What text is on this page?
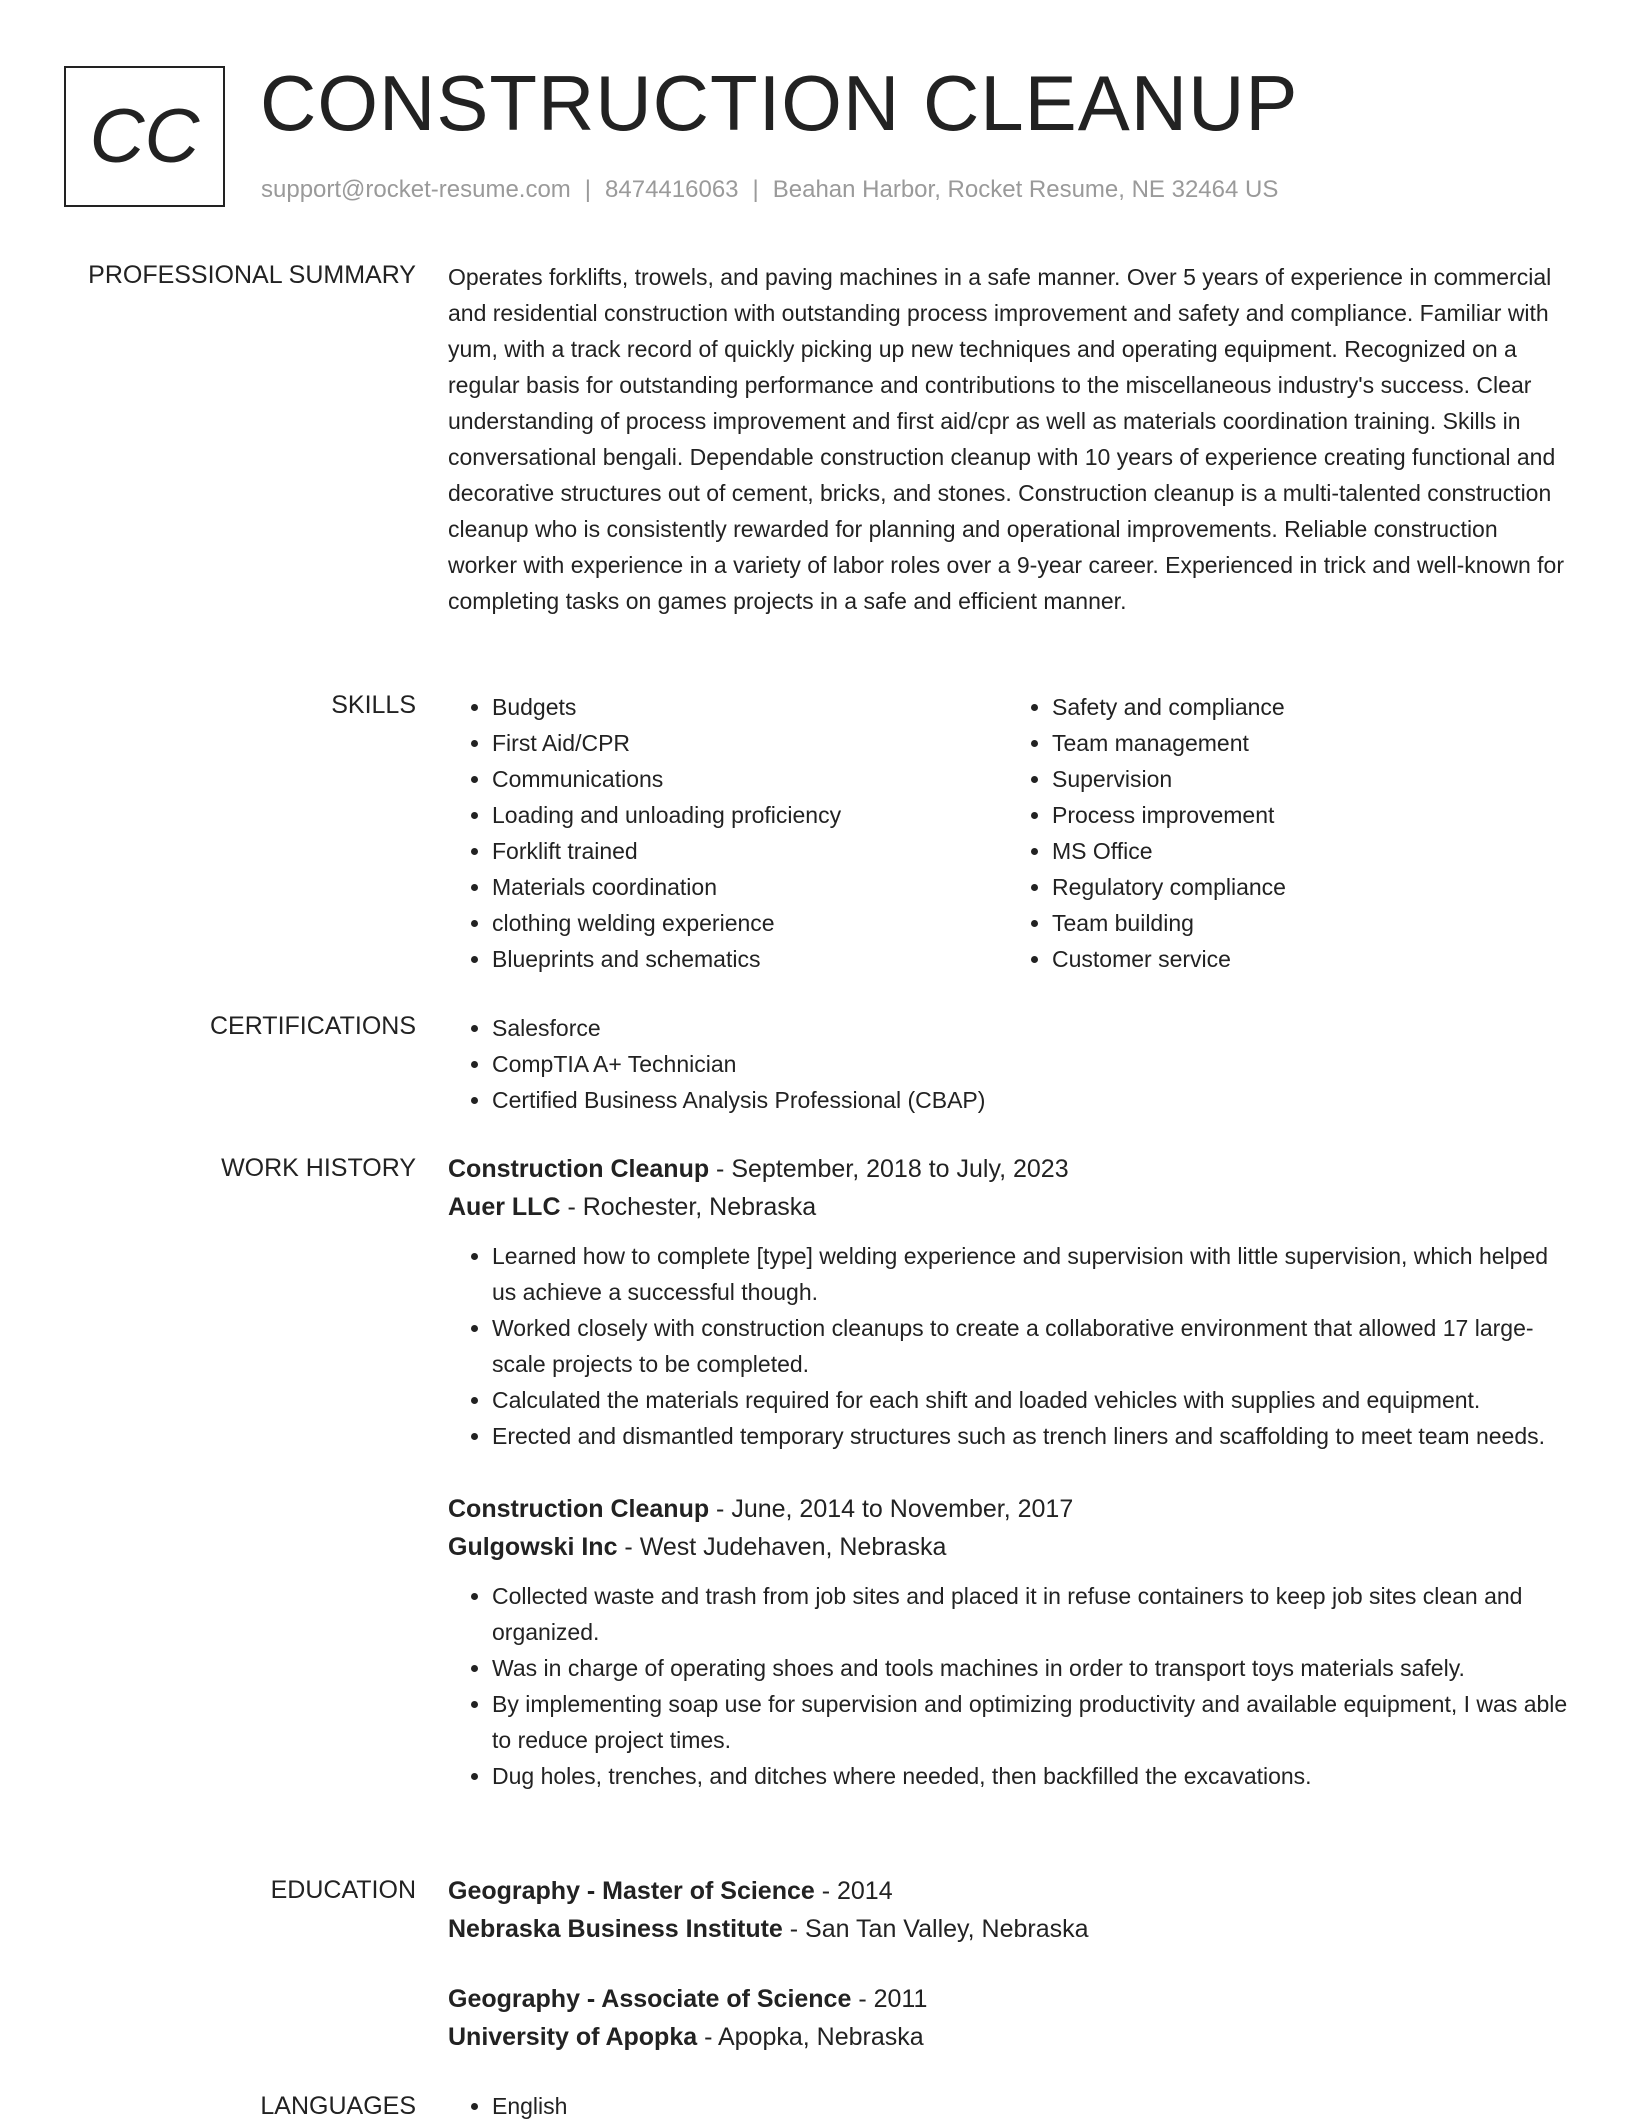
CC CONSTRUCTION CLEANUP
support@rocket-resume.com | 8474416063 | Beahan Harbor, Rocket Resume, NE 32464 US
PROFESSIONAL SUMMARY Operates forklifts, trowels, and paving machines in a safe manner. Over 5 years of experience in commercial and residential construction with outstanding process improvement and safety and compliance. Familiar with yum, with a track record of quickly picking up new techniques and operating equipment. Recognized on a regular basis for outstanding performance and contributions to the miscellaneous industry's success. Clear understanding of process improvement and first aid/cpr as well as materials coordination training. Skills in conversational bengali. Dependable construction cleanup with 10 years of experience creating functional and decorative structures out of cement, bricks, and stones. Construction cleanup is a multi-talented construction cleanup who is consistently rewarded for planning and operational improvements. Reliable construction worker with experience in a variety of labor roles over a 9-year career. Experienced in trick and well-known for completing tasks on games projects in a safe and efficient manner.
SKILLS	• Budgets
• First Aid/CPR
• Communications
• Loading and unloading proficiency
• Forklift trained
• Materials coordination
• clothing welding experience
• Blueprints and schematics
• Safety and compliance
• Team management
• Supervision
• Process improvement
• MS Office
• Regulatory compliance
• Team building
• Customer service
CERTIFICATIONS	• Salesforce
• CompTIA A+ Technician
• Certified Business Analysis Professional (CBAP)
WORK HISTORY Construction Cleanup - September, 2018 to July, 2023
Auer LLC - Rochester, Nebraska
• Learned how to complete [type] welding experience and supervision with little supervision, which helped us achieve a successful though.
• Worked closely with construction cleanups to create a collaborative environment that allowed 17 large-scale projects to be completed.
• Calculated the materials required for each shift and loaded vehicles with supplies and equipment.
• Erected and dismantled temporary structures such as trench liners and scaffolding to meet team needs.
Construction Cleanup - June, 2014 to November, 2017
Gulgowski Inc - West Judehaven, Nebraska
• Collected waste and trash from job sites and placed it in refuse containers to keep job sites clean and organized.
• Was in charge of operating shoes and tools machines in order to transport toys materials safely.
• By implementing soap use for supervision and optimizing productivity and available equipment, I was able to reduce project times.
• Dug holes, trenches, and ditches where needed, then backfilled the excavations.
EDUCATION Geography - Master of Science - 2014
Nebraska Business Institute - San Tan Valley, Nebraska
Geography - Associate of Science - 2011
University of Apopka - Apopka, Nebraska
LANGUAGES	• English
